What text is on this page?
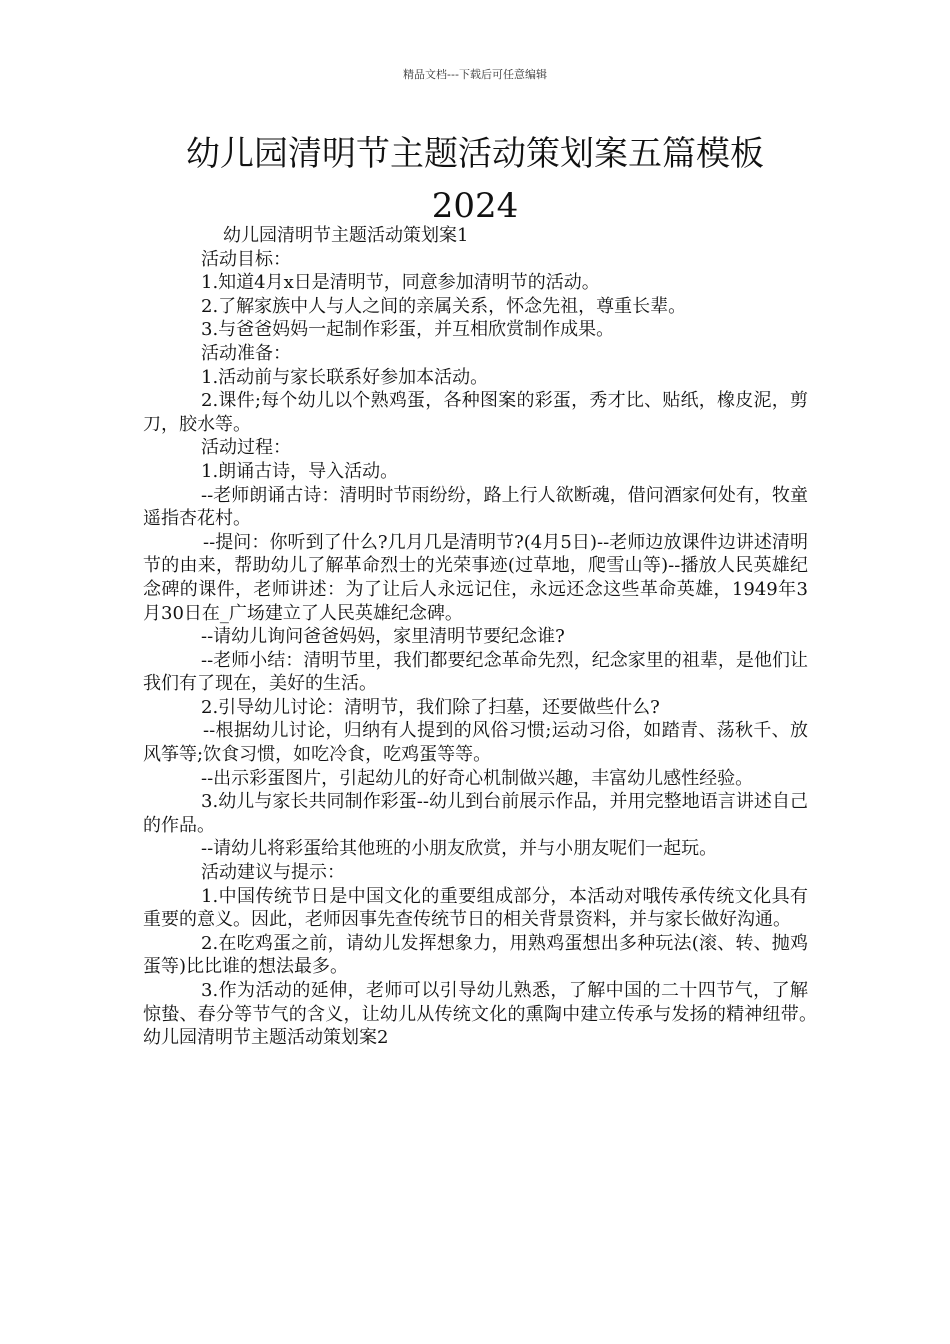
精品文档---下载后可任意编辑
幼儿园清明节主题活动策划案五篇模板
2024

幼儿园清明节主题活动策划案1

活动目标：

1.知道4月x日是清明节，同意参加清明节的活动。

2.了解家族中人与人之间的亲属关系，怀念先祖，尊重长辈。

3.与爸爸妈妈一起制作彩蛋，并互相欣赏制作成果。

活动准备：

1.活动前与家长联系好参加本活动。

2.课件;每个幼儿以个熟鸡蛋，各种图案的彩蛋，秀才比、贴纸，橡皮泥，剪刀，胶水等。

活动过程：

1.朗诵古诗，导入活动。

--老师朗诵古诗：清明时节雨纷纷，路上行人欲断魂，借问酒家何处有，牧童遥指杏花村。

--提问：你听到了什么?几月几是清明节?(4月5日)--老师边放课件边讲述清明节的由来，帮助幼儿了解革命烈士的光荣事迹(过草地，爬雪山等)--播放人民英雄纪念碑的课件，老师讲述：为了让后人永远记住，永远还念这些革命英雄，1949年3月30日在_广场建立了人民英雄纪念碑。

--请幼儿询问爸爸妈妈，家里清明节要纪念谁?

--老师小结：清明节里，我们都要纪念革命先烈，纪念家里的祖辈，是他们让我们有了现在，美好的生活。

2.引导幼儿讨论：清明节，我们除了扫墓，还要做些什么?

--根据幼儿讨论，归纳有人提到的风俗习惯;运动习俗，如踏青、荡秋千、放风筝等;饮食习惯，如吃冷食，吃鸡蛋等等。

--出示彩蛋图片，引起幼儿的好奇心机制做兴趣，丰富幼儿感性经验。

3.幼儿与家长共同制作彩蛋--幼儿到台前展示作品，并用完整地语言讲述自己的作品。

--请幼儿将彩蛋给其他班的小朋友欣赏，并与小朋友呢们一起玩。

活动建议与提示：

1.中国传统节日是中国文化的重要组成部分，本活动对哦传承传统文化具有重要的意义。因此，老师因事先查传统节日的相关背景资料，并与家长做好沟通。

2.在吃鸡蛋之前，请幼儿发挥想象力，用熟鸡蛋想出多种玩法(滚、转、抛鸡蛋等)比比谁的想法最多。

3.作为活动的延伸，老师可以引导幼儿熟悉，了解中国的二十四节气，了解惊蛰、春分等节气的含义，让幼儿从传统文化的熏陶中建立传承与发扬的精神纽带。　　幼儿园清明节主题活动策划案2
